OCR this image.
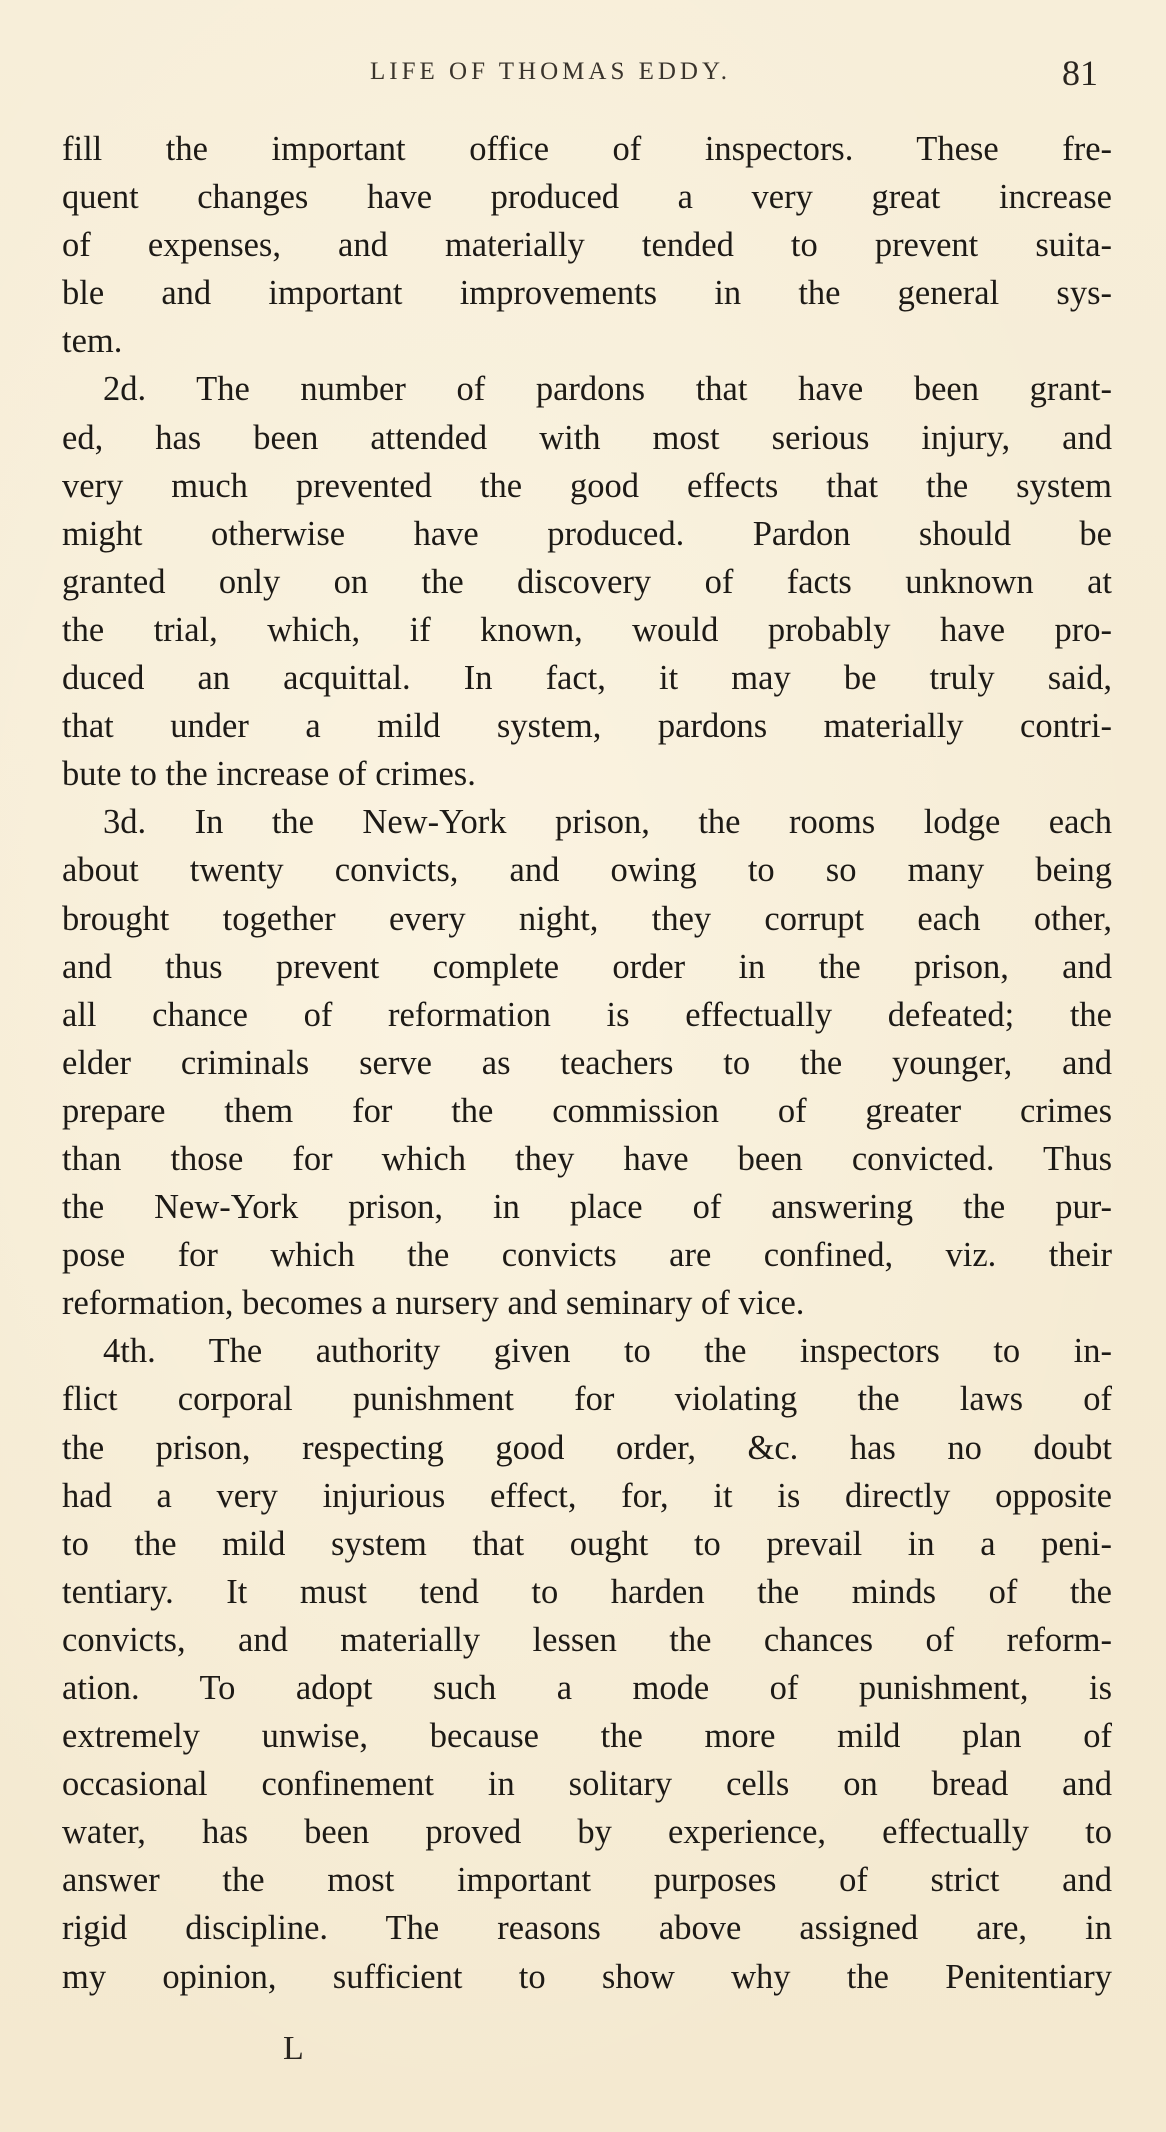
LIFE OF THOMAS EDDY.	81
fill the important office of inspectors. These fre-
quent changes have produced a very great increase
of expenses, and materially tended to prevent suita-
ble and important improvements in the general sys-
tem.
2d. The number of pardons that have been grant-
ed, has been attended with most serious injury, and
very much prevented the good effects that the system
might otherwise have produced. Pardon should be
granted only on the discovery of facts unknown at
the trial, which, if known, would probably have pro-
duced an acquittal. In fact, it may be truly said,
that under a mild system, pardons materially contri-
bute to the increase of crimes.
3d. In the New-York prison, the rooms lodge each
about twenty convicts, and owing to so many being
brought together every night, they corrupt each other,
and thus prevent complete order in the prison, and
all chance of reformation is effectually defeated; the
elder criminals serve as teachers to the younger, and
prepare them for the commission of greater crimes
than those for which they have been convicted. Thus
the New-York prison, in place of answering the pur-
pose for which the convicts are confined, viz. their
reformation, becomes a nursery and seminary of vice.
4th. The authority given to the inspectors to in-
flict corporal punishment for violating the laws of
the prison, respecting good order, &c. has no doubt
had a very injurious effect, for, it is directly opposite
to the mild system that ought to prevail in a peni-
tentiary. It must tend to harden the minds of the
convicts, and materially lessen the chances of reform-
ation. To adopt such a mode of punishment, is
extremely unwise, because the more mild plan of
occasional confinement in solitary cells on bread and
water, has been proved by experience, effectually to
answer the most important purposes of strict and
rigid discipline. The reasons above assigned are, in
my opinion, sufficient to show why the Penitentiary
L
